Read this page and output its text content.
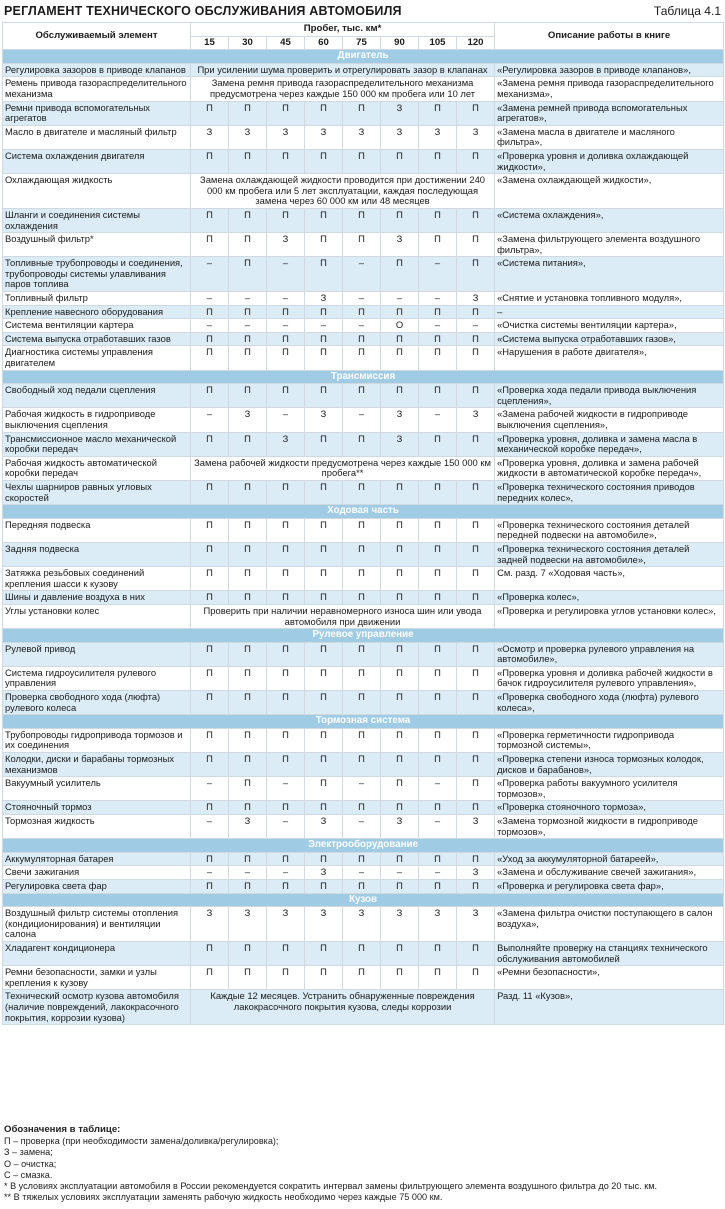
РЕГЛАМЕНТ ТЕХНИЧЕСКОГО ОБСЛУЖИВАНИЯ АВТОМОБИЛЯ	Таблица 4.1
Обслуживаемый элемент	Пробег, тыс. км*								Описание работы в книге
	15	30	45	60	75	90	105	120	
Двигатель									
Регулировка зазоров в приводе клапанов	При усилении шума проверить и отрегулировать зазор в клапанах								«Регулировка зазоров в приводе клапанов»,
Ремень привода газораспределительного механизма	Замена ремня привода газораспределительного механизма предусмотрена через каждые 150 000 км пробега или 10 лет								«Замена ремня привода газораспределительного механизма»,
Ремни привода вспомогательных агрегатов	П	П	П	П	П	З	П	П	«Замена ремней привода вспомогательных агрегатов»,
Масло в двигателе и масляный фильтр	З	З	З	З	З	З	З	З	«Замена масла в двигателе и масляного фильтра»,
Система охлаждения двигателя	П	П	П	П	П	П	П	П	«Проверка уровня и доливка охлаждающей жидкости»,
Охлаждающая жидкость	Замена охлаждающей жидкости проводится при достижении 240 000 км пробега или 5 лет эксплуатации, каждая последующая замена через 60 000 км или 48 месяцев								«Замена охлаждающей жидкости»,
Шланги и соединения системы охлаждения	П	П	П	П	П	П	П	П	«Система охлаждения»,
Воздушный фильтр*	П	П	З	П	П	З	П	П	«Замена фильтрующего элемента воздушного фильтра»,
Топливные трубопроводы и соединения, трубопроводы системы улавливания паров топлива	–	П	–	П	–	П	–	П	«Система питания»,
Топливный фильтр	–	–	–	З	–	–	–	З	«Снятие и установка топливного модуля»,
Крепление навесного оборудования	П	П	П	П	П	П	П	П	–
Система вентиляции картера	–	–	–	–	–	О	–	–	«Очистка системы вентиляции картера»,
Система выпуска отработавших газов	П	П	П	П	П	П	П	П	«Система выпуска отработавших газов»,
Диагностика системы управления двигателем	П	П	П	П	П	П	П	П	«Нарушения в работе двигателя»,
Трансмиссия									
Свободный ход педали сцепления	П	П	П	П	П	П	П	П	«Проверка хода педали привода выключения сцепления»,
Рабочая жидкость в гидроприводе выключения сцепления	–	З	–	З	–	З	–	З	«Замена рабочей жидкости в гидроприводе выключения сцепления»,
Трансмиссионное масло механической коробки передач	П	П	З	П	П	З	П	П	«Проверка уровня, доливка и замена масла в механической коробке передач»,
Рабочая жидкость автоматической коробки передач	Замена рабочей жидкости предусмотрена через каждые 150 000 км пробега**								«Проверка уровня, доливка и замена рабочей жидкости в автоматической коробке передач»,
Чехлы шарниров равных угловых скоростей	П	П	П	П	П	П	П	П	«Проверка технического состояния приводов передних колес»,
Ходовая часть									
Передняя подвеска	П	П	П	П	П	П	П	П	«Проверка технического состояния деталей передней подвески на автомобиле»,
Задняя подвеска	П	П	П	П	П	П	П	П	«Проверка технического состояния деталей задней подвески на автомобиле»,
Затяжка резьбовых соединений крепления шасси к кузову	П	П	П	П	П	П	П	П	См. разд. 7 «Ходовая часть»,
Шины и давление воздуха в них	П	П	П	П	П	П	П	П	«Проверка колес»,
Углы установки колес	Проверить при наличии неравномерного износа шин или увода автомобиля при движении								«Проверка и регулировка углов установки колес»,
Рулевое управление									
Рулевой привод	П	П	П	П	П	П	П	П	«Осмотр и проверка рулевого управления на автомобиле»,
Система гидроусилителя рулевого управления	П	П	П	П	П	П	П	П	«Проверка уровня и доливка рабочей жидкости в бачок гидроусилителя рулевого управления»,
Проверка свободного хода (люфта) рулевого колеса	П	П	П	П	П	П	П	П	«Проверка свободного хода (люфта) рулевого колеса»,
Тормозная система									
Трубопроводы гидропривода тормозов и их соединения	П	П	П	П	П	П	П	П	«Проверка герметичности гидропривода тормозной системы»,
Колодки, диски и барабаны тормозных механизмов	П	П	П	П	П	П	П	П	«Проверка степени износа тормозных колодок, дисков и барабанов»,
Вакуумный усилитель	–	П	–	П	–	П	–	П	«Проверка работы вакуумного усилителя тормозов»,
Стояночный тормоз	П	П	П	П	П	П	П	П	«Проверка стояночного тормоза»,
Тормозная жидкость	–	З	–	З	–	З	–	З	«Замена тормозной жидкости в гидроприводе тормозов»,
Электрооборудование									
Аккумуляторная батарея	П	П	П	П	П	П	П	П	«Уход за аккумуляторной батареей»,
Свечи зажигания	–	–	–	З	–	–	–	З	«Замена и обслуживание свечей зажигания»,
Регулировка света фар	П	П	П	П	П	П	П	П	«Проверка и регулировка света фар»,
Кузов									
Воздушный фильтр системы отопления (кондиционирования) и вентиляции салона	З	З	З	З	З	З	З	З	«Замена фильтра очистки поступающего в салон воздуха»,
Хладагент кондиционера	П	П	П	П	П	П	П	П	Выполняйте проверку на станциях технического обслуживания автомобилей
Ремни безопасности, замки и узлы крепления к кузову	П	П	П	П	П	П	П	П	«Ремни безопасности»,
Технический осмотр кузова автомобиля (наличие повреждений, лакокрасочного покрытия, коррозии кузова)	Каждые 12 месяцев. Устранить обнаруженные повреждения лакокрасочного покрытия кузова, следы коррозии								Разд. 11 «Кузов»,
Обозначения в таблице:
П – проверка (при необходимости замена/доливка/регулировка);
З – замена;
О – очистка;
С – смазка.
* В условиях эксплуатации автомобиля в России рекомендуется сократить интервал замены фильтрующего элемента воздушного фильтра до 20 тыс. км.
** В тяжелых условиях эксплуатации заменять рабочую жидкость необходимо через каждые 75 000 км.
